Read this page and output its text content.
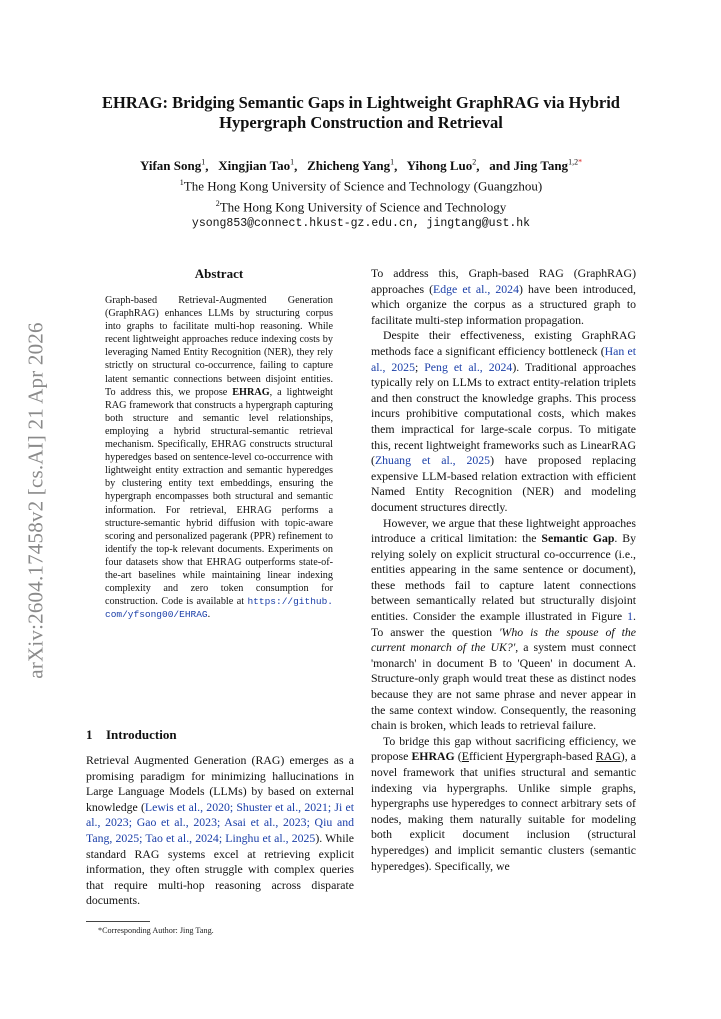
arXiv:2604.17458v2 [cs.AI] 21 Apr 2026
EHRAG: Bridging Semantic Gaps in Lightweight GraphRAG via Hybrid Hypergraph Construction and Retrieval
Yifan Song$^1$,   Xingjian Tao$^1$,   Zhicheng Yang$^1$,   Yihong Luo$^2$,   and Jing Tang$^{1,2*}$
$^1$The Hong Kong University of Science and Technology (Guangzhou)
$^2$The Hong Kong University of Science and Technology
ysong853@connect.hkust-gz.edu.cn, jingtang@ust.hk
Abstract
Graph-based Retrieval-Augmented Generation (GraphRAG) enhances LLMs by structuring corpus into graphs to facilitate multi-hop reasoning. While recent lightweight approaches reduce indexing costs by leveraging Named Entity Recognition (NER), they rely strictly on structural co-occurrence, failing to capture latent semantic connections between disjoint entities. To address this, we propose EHRAG, a lightweight RAG framework that constructs a hypergraph capturing both structure and semantic level relationships, employing a hybrid structural-semantic retrieval mechanism. Specifically, EHRAG constructs structural hyperedges based on sentence-level co-occurrence with lightweight entity extraction and semantic hyperedges by clustering entity text embeddings, ensuring the hypergraph encompasses both structural and semantic information. For retrieval, EHRAG performs a structure-semantic hybrid diffusion with topic-aware scoring and personalized pagerank (PPR) refinement to identify the top-k relevant documents. Experiments on four datasets show that EHRAG outperforms state-of-the-art baselines while maintaining linear indexing complexity and zero token consumption for construction. Code is available at https://github.com/yfsong00/EHRAG.
1 Introduction
Retrieval Augmented Generation (RAG) emerges as a promising paradigm for minimizing hallucinations in Large Language Models (LLMs) by based on external knowledge (Lewis et al., 2020; Shuster et al., 2021; Ji et al., 2023; Gao et al., 2023; Asai et al., 2023; Qiu and Tang, 2025; Tao et al., 2024; Linghu et al., 2025). While standard RAG systems excel at retrieving explicit information, they often struggle with complex queries that require multi-hop reasoning across disparate documents.
*Corresponding Author: Jing Tang.

To address this, Graph-based RAG (GraphRAG) approaches (Edge et al., 2024) have been introduced, which organize the corpus as a structured graph to facilitate multi-step information propagation.

Despite their effectiveness, existing GraphRAG methods face a significant efficiency bottleneck (Han et al., 2025; Peng et al., 2024). Traditional approaches typically rely on LLMs to extract entity-relation triplets and then construct the knowledge graphs. This process incurs prohibitive computational costs, which makes them impractical for large-scale corpus. To mitigate this, recent lightweight frameworks such as LinearRAG (Zhuang et al., 2025) have proposed replacing expensive LLM-based relation extraction with efficient Named Entity Recognition (NER) and modeling document structures directly.

However, we argue that these lightweight approaches introduce a critical limitation: the Semantic Gap. By relying solely on explicit structural co-occurrence (i.e., entities appearing in the same sentence or document), these methods fail to capture latent connections between semantically related but structurally disjoint entities. Consider the example illustrated in Figure 1. To answer the question 'Who is the spouse of the current monarch of the UK?', a system must connect 'monarch' in document B to 'Queen' in document A. Structure-only graph would treat these as distinct nodes because they are not same phrase and never appear in the same context window. Consequently, the reasoning chain is broken, which leads to retrieval failure.

To bridge this gap without sacrificing efficiency, we propose EHRAG (Efficient Hypergraph-based RAG), a novel framework that unifies structural and semantic indexing via hypergraphs. Unlike simple graphs, hypergraphs use hyperedges to connect arbitrary sets of nodes, making them naturally suitable for modeling both explicit document inclusion (structural hyperedges) and implicit semantic clusters (semantic hyperedges). Specifically, we
